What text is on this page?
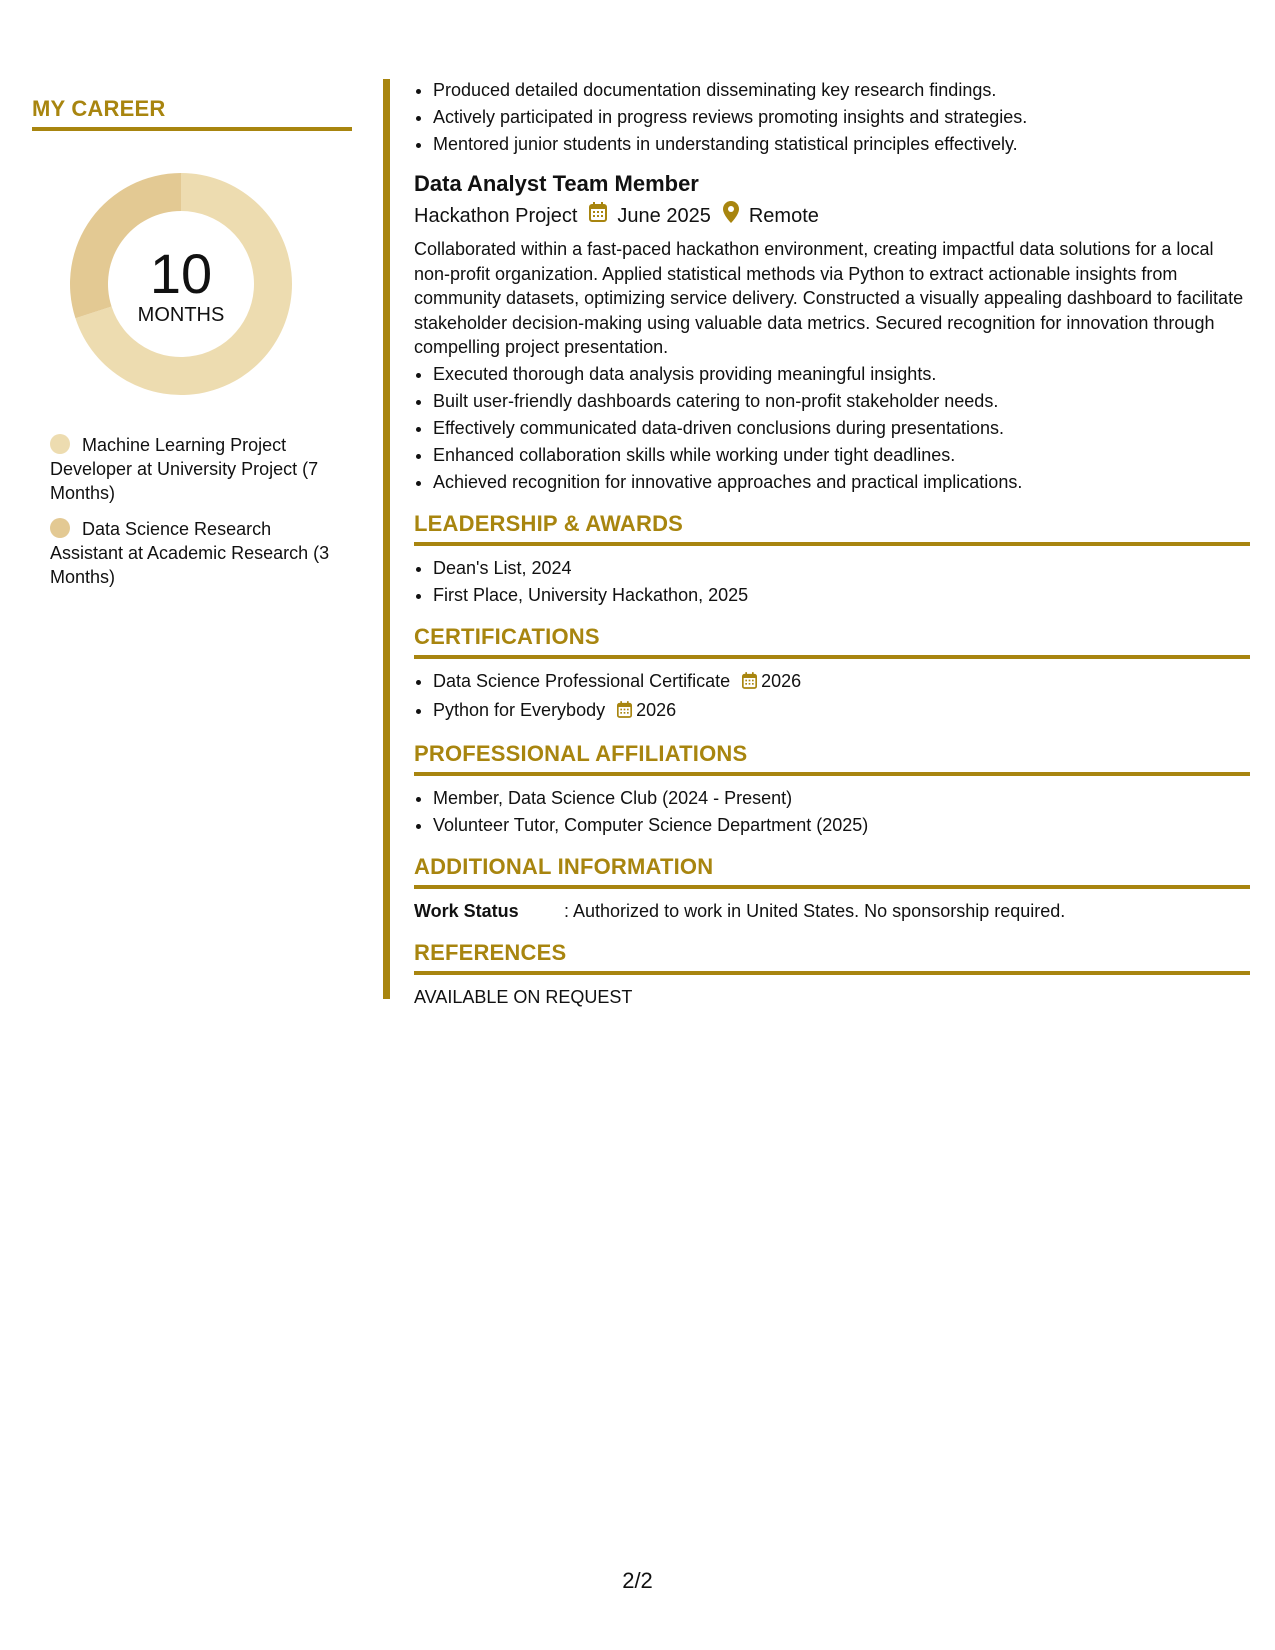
MY CAREER
10
MONTHS
Machine Learning Project Developer at University Project (7 Months)
Data Science Research Assistant at Academic Research (3 Months)
• Produced detailed documentation disseminating key research findings.
• Actively participated in progress reviews promoting insights and strategies.
• Mentored junior students in understanding statistical principles effectively.
Data Analyst Team Member
Hackathon Project June 2025 Remote
Collaborated within a fast-paced hackathon environment, creating impactful data solutions for a local non-profit organization. Applied statistical methods via Python to extract actionable insights from community datasets, optimizing service delivery. Constructed a visually appealing dashboard to facilitate stakeholder decision-making using valuable data metrics. Secured recognition for innovation through compelling project presentation.
• Executed thorough data analysis providing meaningful insights.
• Built user-friendly dashboards catering to non-profit stakeholder needs.
• Effectively communicated data-driven conclusions during presentations.
• Enhanced collaboration skills while working under tight deadlines.
• Achieved recognition for innovative approaches and practical implications.
LEADERSHIP & AWARDS
• Dean's List, 2024
• First Place, University Hackathon, 2025
CERTIFICATIONS
• Data Science Professional Certificate 2026
• Python for Everybody 2026
PROFESSIONAL AFFILIATIONS
• Member, Data Science Club (2024 - Present)
• Volunteer Tutor, Computer Science Department (2025)
ADDITIONAL INFORMATION
Work Status	: Authorized to work in United States. No sponsorship required.
REFERENCES
AVAILABLE ON REQUEST
2/2
